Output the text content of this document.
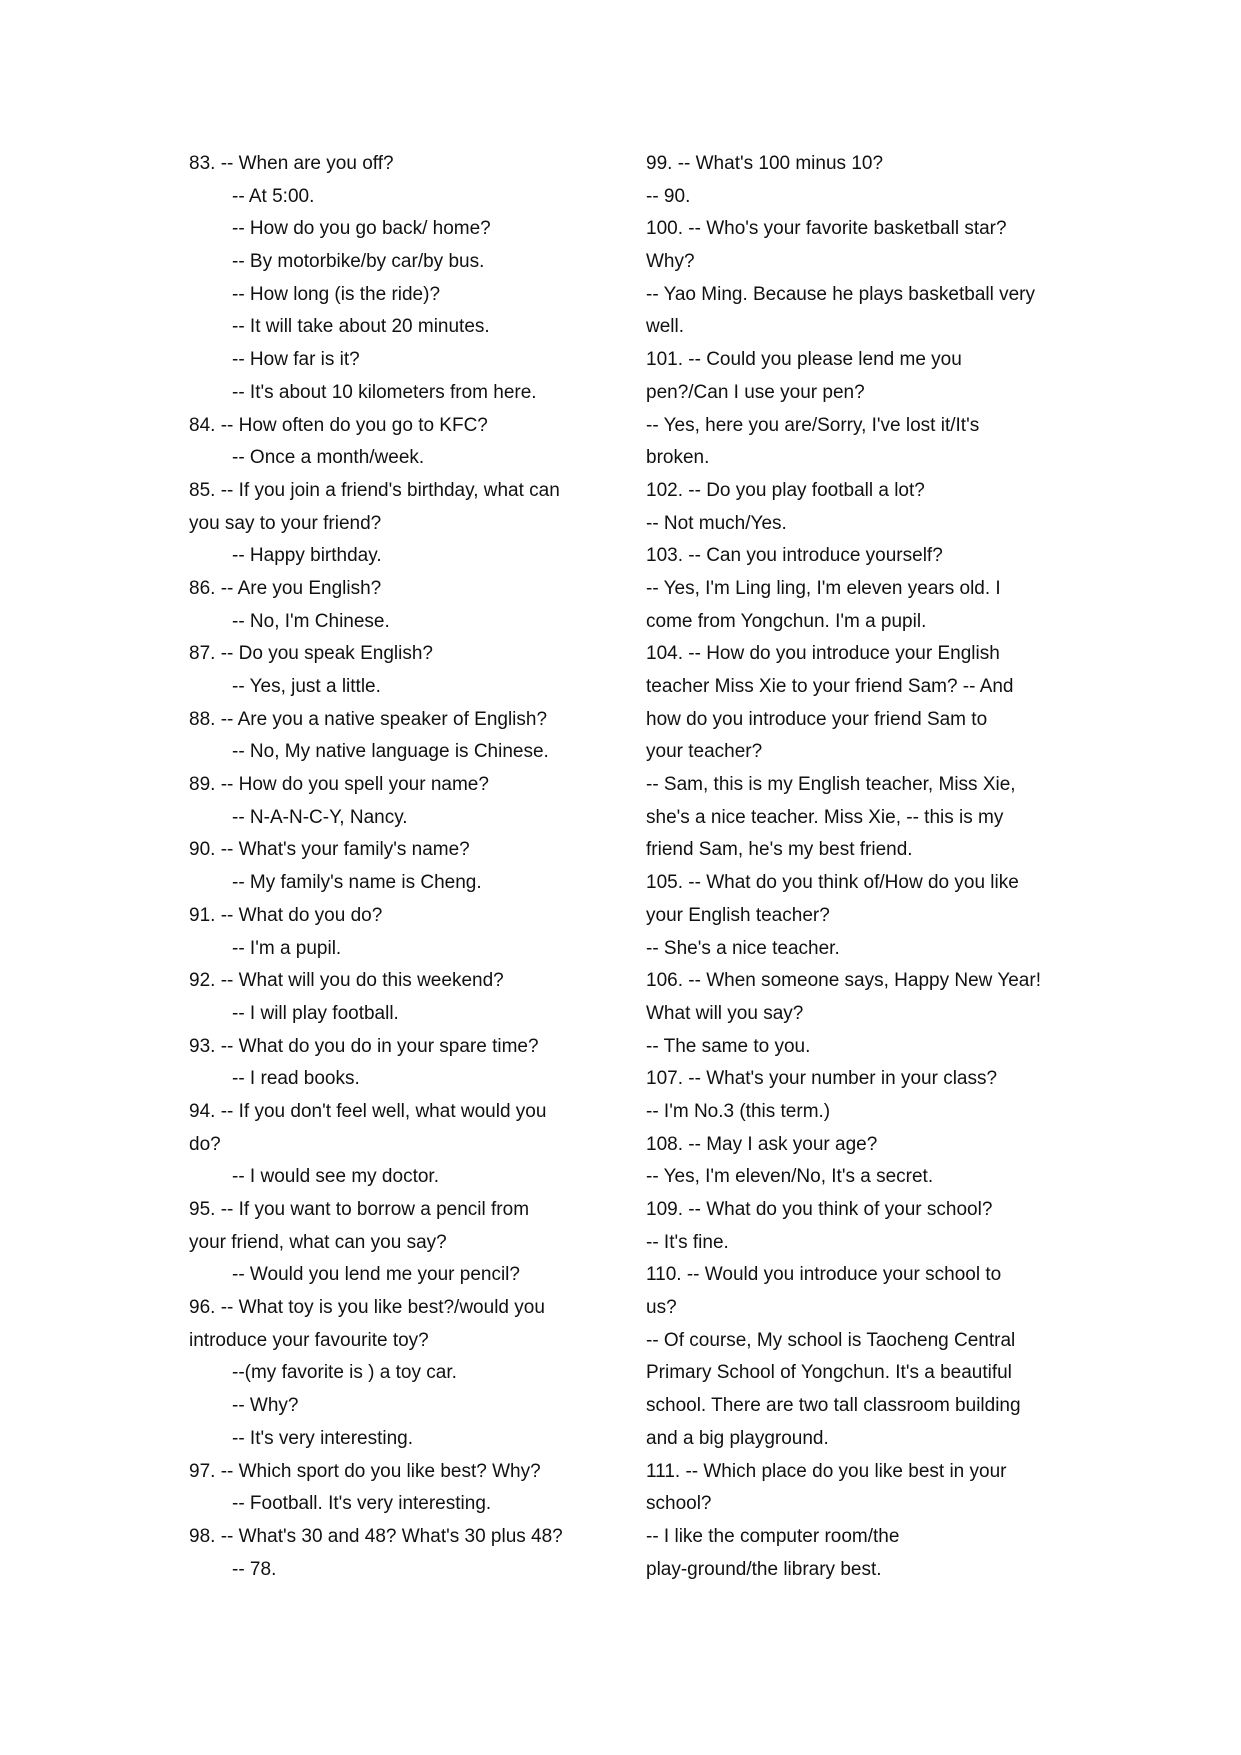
83. -- When are you off?
-- At 5:00.
-- How do you go back/ home?
-- By motorbike/by car/by bus.
-- How long (is the ride)?
-- It will take about 20 minutes.
-- How far is it?
-- It's about 10 kilometers from here.
84. -- How often do you go to KFC?
-- Once a month/week.
85. -- If you join a friend's birthday, what can
you say to your friend?
-- Happy birthday.
86. -- Are you English?
-- No, I'm Chinese.
87. -- Do you speak English?
-- Yes, just a little.
88. -- Are you a native speaker of English?
-- No, My native language is Chinese.
89. -- How do you spell your name?
-- N-A-N-C-Y, Nancy.
90. -- What's your family's name?
-- My family's name is Cheng.
91. -- What do you do?
-- I'm a pupil.
92. -- What will you do this weekend?
-- I will play football.
93. -- What do you do in your spare time?
-- I read books.
94. -- If you don't feel well, what would you
do?
-- I would see my doctor.
95. -- If you want to borrow a pencil from
your friend, what can you say?
-- Would you lend me your pencil?
96. -- What toy is you like best?/would you
introduce your favourite toy?
--(my favorite is ) a toy car.
-- Why?
-- It's very interesting.
97. -- Which sport do you like best? Why?
-- Football. It's very interesting.
98. -- What's 30 and 48? What's 30 plus 48?
-- 78.
99. -- What's 100 minus 10?
-- 90.
100. -- Who's your favorite basketball star?
Why?
-- Yao Ming. Because he plays basketball very
well.
101. -- Could you please lend me you
pen?/Can I use your pen?
-- Yes, here you are/Sorry, I've lost it/It's
broken.
102. -- Do you play football a lot?
-- Not much/Yes.
103. -- Can you introduce yourself?
-- Yes, I'm Ling ling, I'm eleven years old. I
come from Yongchun. I'm a pupil.
104. -- How do you introduce your English
teacher Miss Xie to your friend Sam? -- And
how do you introduce your friend Sam to
your teacher?
-- Sam, this is my English teacher, Miss Xie,
she's a nice teacher. Miss Xie, -- this is my
friend Sam, he's my best friend.
105. -- What do you think of/How do you like
your English teacher?
-- She's a nice teacher.
106. -- When someone says, Happy New Year!
What will you say?
-- The same to you.
107. -- What's your number in your class?
-- I'm No.3 (this term.)
108. -- May I ask your age?
-- Yes, I'm eleven/No, It's a secret.
109. -- What do you think of your school?
-- It's fine.
110. -- Would you introduce your school to
us?
-- Of course, My school is Taocheng Central
Primary School of Yongchun. It's a beautiful
school. There are two tall classroom building
and a big playground.
111. -- Which place do you like best in your
school?
-- I like the computer room/the
play-ground/the library best.
